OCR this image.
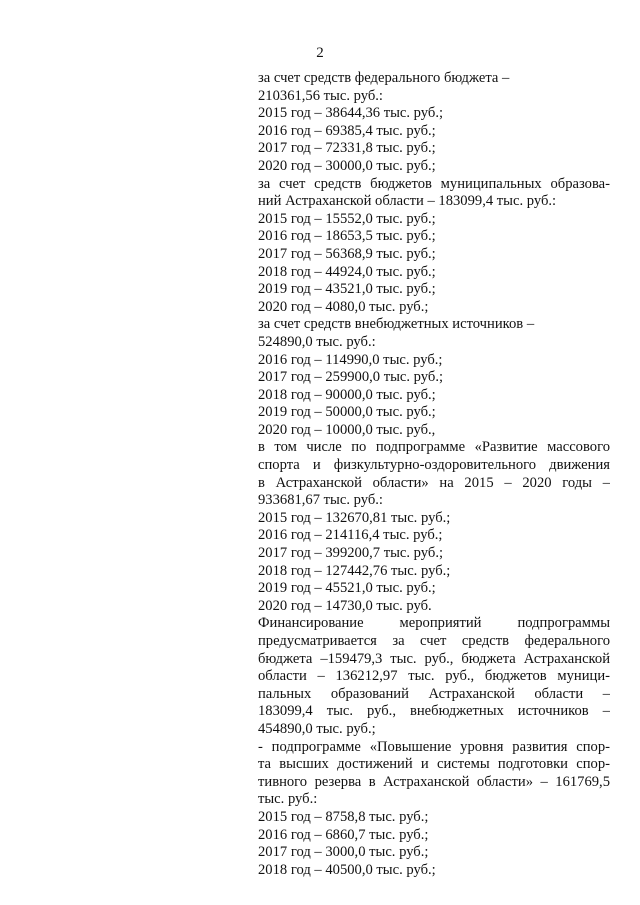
2
за счет средств федерального бюджета –
210361,56 тыс. руб.:
2015 год – 38644,36 тыс. руб.;
2016 год – 69385,4 тыс. руб.;
2017 год – 72331,8 тыс. руб.;
2020 год – 30000,0 тыс. руб.;
за счет средств бюджетов муниципальных образова-
ний Астраханской области – 183099,4 тыс. руб.:
2015 год – 15552,0 тыс. руб.;
2016 год – 18653,5 тыс. руб.;
2017 год – 56368,9 тыс. руб.;
2018 год – 44924,0 тыс. руб.;
2019 год – 43521,0 тыс. руб.;
2020 год – 4080,0 тыс. руб.;
за счет средств внебюджетных источников –
524890,0 тыс. руб.:
2016 год – 114990,0 тыс. руб.;
2017 год – 259900,0 тыс. руб.;
2018 год – 90000,0 тыс. руб.;
2019 год – 50000,0 тыс. руб.;
2020 год – 10000,0 тыс. руб.,
в том числе по подпрограмме «Развитие массового
спорта и физкультурно-оздоровительного движения
в Астраханской области» на 2015 – 2020 годы –
933681,67 тыс. руб.:
2015 год – 132670,81 тыс. руб.;
2016 год – 214116,4 тыс. руб.;
2017 год – 399200,7 тыс. руб.;
2018 год – 127442,76 тыс. руб.;
2019 год – 45521,0 тыс. руб.;
2020 год – 14730,0 тыс. руб.
Финансирование мероприятий подпрограммы
предусматривается за счет средств федерального
бюджета –159479,3 тыс. руб., бюджета Астраханской
области – 136212,97 тыс. руб., бюджетов муници-
пальных образований Астраханской области –
183099,4 тыс. руб., внебюджетных источников –
454890,0 тыс. руб.;
- подпрограмме «Повышение уровня развития спор-
та высших достижений и системы подготовки спор-
тивного резерва в Астраханской области» – 161769,5
тыс. руб.:
2015 год – 8758,8 тыс. руб.;
2016 год – 6860,7 тыс. руб.;
2017 год – 3000,0 тыс. руб.;
2018 год – 40500,0 тыс. руб.;
